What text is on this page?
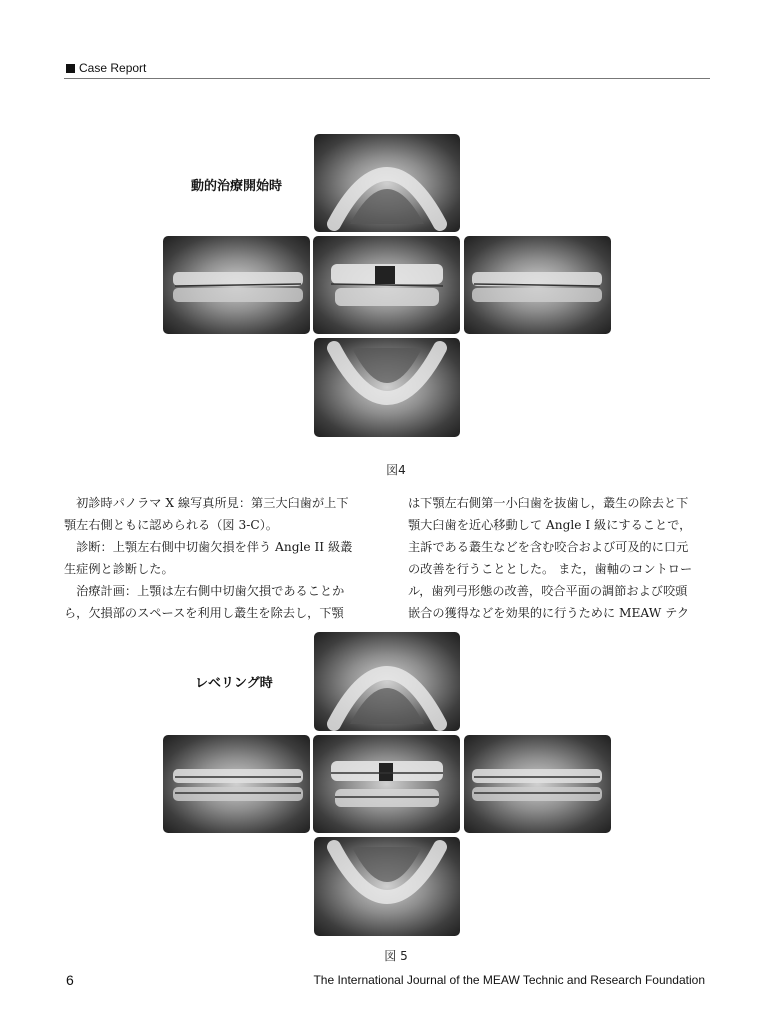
Case Report
動的治療開始時
図4

　初診時パノラマ X 線写真所見：第三大臼歯が上下

顎左右側ともに認められる（図 3-C）。

　診断：上顎左右側中切歯欠損を伴う Angle II 級叢

生症例と診断した。

　治療計画：上顎は左右側中切歯欠損であることか

ら，欠損部のスペースを利用し叢生を除去し，下顎

は下顎左右側第一小臼歯を抜歯し，叢生の除去と下

顎大臼歯を近心移動して Angle I 級にすることで，

主訴である叢生などを含む咬合および可及的に口元

の改善を行うこととした。 また，歯軸のコントロー

ル，歯列弓形態の改善，咬合平面の調節および咬頭

嵌合の獲得などを効果的に行うために MEAW テク

レベリング時
図 5
6	The International Journal of the MEAW Technic and Research Foundation
